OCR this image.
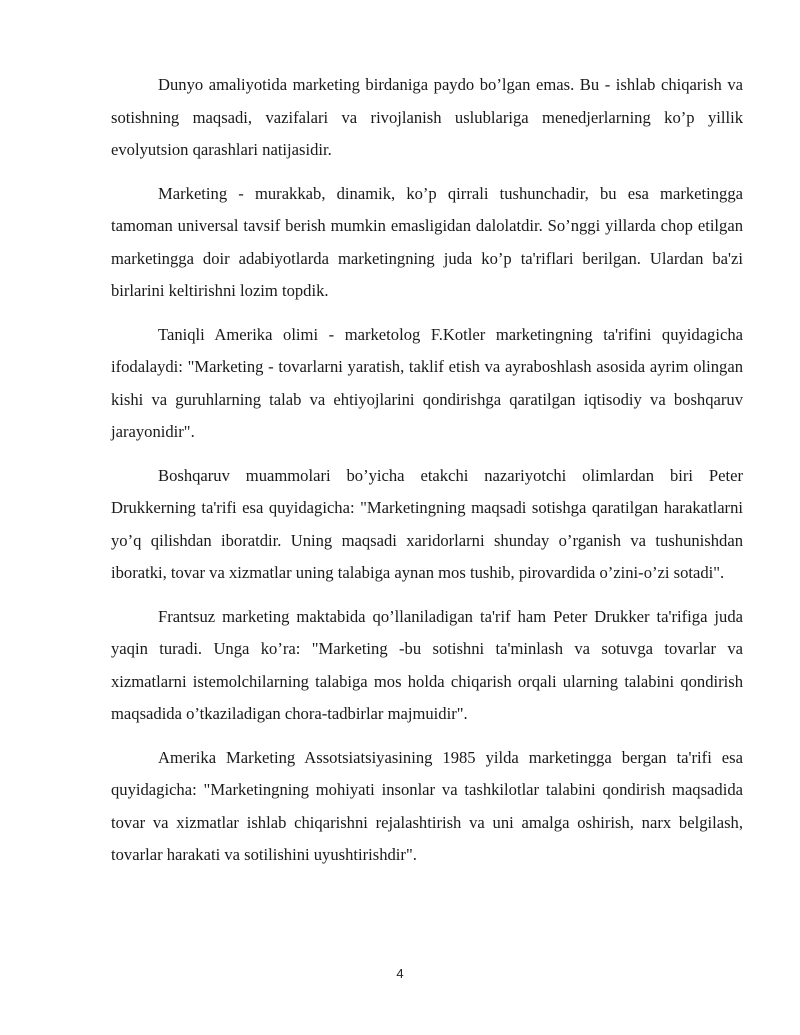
Dunyo amaliyotida marketing birdaniga paydo bo’lgan emas. Bu - ishlab chiqarish va sotishning maqsadi, vazifalari va rivojlanish uslublariga menedjerlarning ko’p yillik evolyutsion qarashlari natijasidir.

Marketing - murakkab, dinamik, ko’p qirrali tushunchadir, bu esa marketingga tamoman universal tavsif berish mumkin emasligidan dalolatdir. So’nggi yillarda chop etilgan marketingga doir adabiyotlarda marketingning juda ko’p ta'riflari berilgan. Ulardan ba'zi birlarini keltirishni lozim topdik.

Taniqli Amerika olimi - marketolog F.Kotler marketingning ta'rifini quyidagicha ifodalaydi: "Marketing - tovarlarni yaratish, taklif etish va ayraboshlash asosida ayrim olingan kishi va guruhlarning talab va ehtiyojlarini qondirishga qaratilgan iqtisodiy va boshqaruv jarayonidir".

Boshqaruv muammolari bo’yicha etakchi nazariyotchi olimlardan biri Peter Drukkerning ta'rifi esa quyidagicha: "Marketingning maqsadi sotishga qaratilgan harakatlarni yo’q qilishdan iboratdir. Uning maqsadi xaridorlarni shunday o’rganish va tushunishdan iboratki, tovar va xizmatlar uning talabiga aynan mos tushib, pirovardida o’zini-o’zi sotadi".

Frantsuz marketing maktabida qo’llaniladigan ta'rif ham Peter Drukker ta'rifiga juda yaqin turadi. Unga ko’ra: "Marketing -bu sotishni ta'minlash va sotuvga tovarlar va xizmatlarni istemolchilarning talabiga mos holda chiqarish orqali ularning talabini qondirish maqsadida o’tkaziladigan chora-tadbirlar majmuidir".

Amerika Marketing Assotsiatsiyasining 1985 yilda marketingga bergan ta'rifi esa quyidagicha: "Marketingning mohiyati insonlar va tashkilotlar talabini qondirish maqsadida tovar va xizmatlar ishlab chiqarishni rejalashtirish va uni amalga oshirish, narx belgilash, tovarlar harakati va sotilishini uyushtirishdir".

4
